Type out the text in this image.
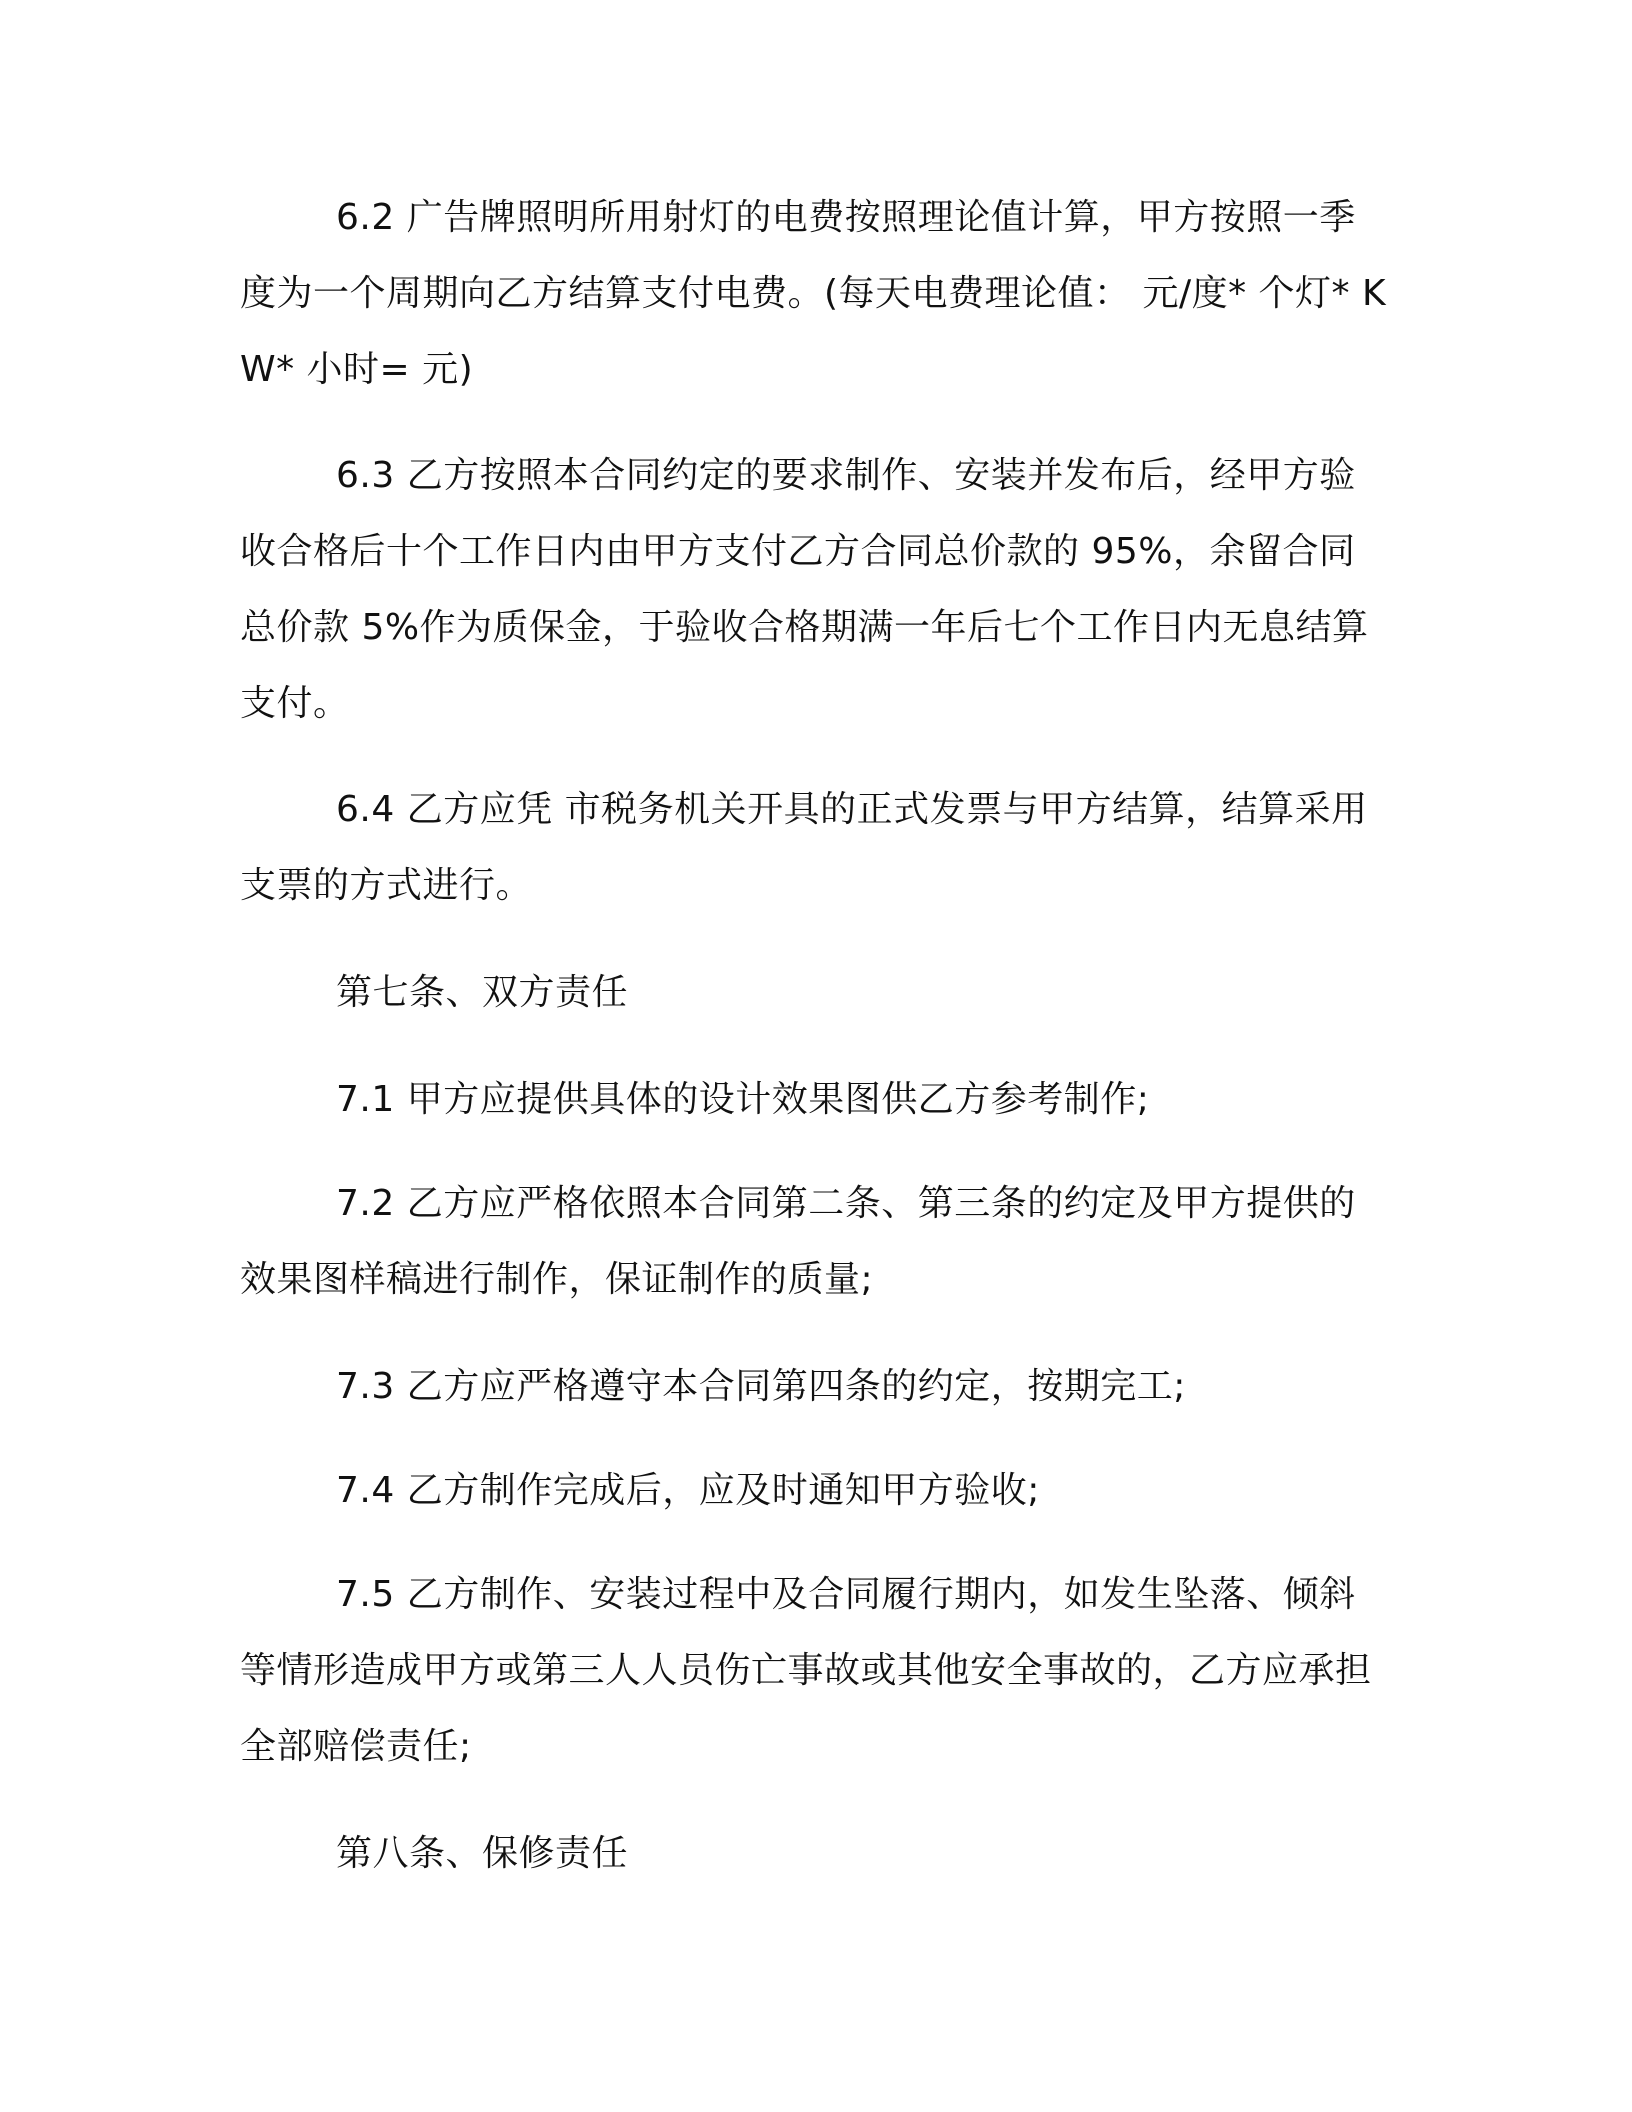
6.2 广告牌照明所用射灯的电费按照理论值计算，甲方按照一季度为一个周期向乙方结算支付电费。(每天电费理论值： 元/度* 个灯* KW* 小时= 元)

6.3 乙方按照本合同约定的要求制作、安装并发布后，经甲方验收合格后十个工作日内由甲方支付乙方合同总价款的 95%，余留合同总价款 5%作为质保金，于验收合格期满一年后七个工作日内无息结算支付。

6.4 乙方应凭 市税务机关开具的正式发票与甲方结算，结算采用支票的方式进行。

第七条、双方责任

7.1 甲方应提供具体的设计效果图供乙方参考制作;

7.2 乙方应严格依照本合同第二条、第三条的约定及甲方提供的效果图样稿进行制作，保证制作的质量;

7.3 乙方应严格遵守本合同第四条的约定，按期完工;

7.4 乙方制作完成后，应及时通知甲方验收;

7.5 乙方制作、安装过程中及合同履行期内，如发生坠落、倾斜等情形造成甲方或第三人人员伤亡事故或其他安全事故的，乙方应承担全部赔偿责任;

第八条、保修责任
